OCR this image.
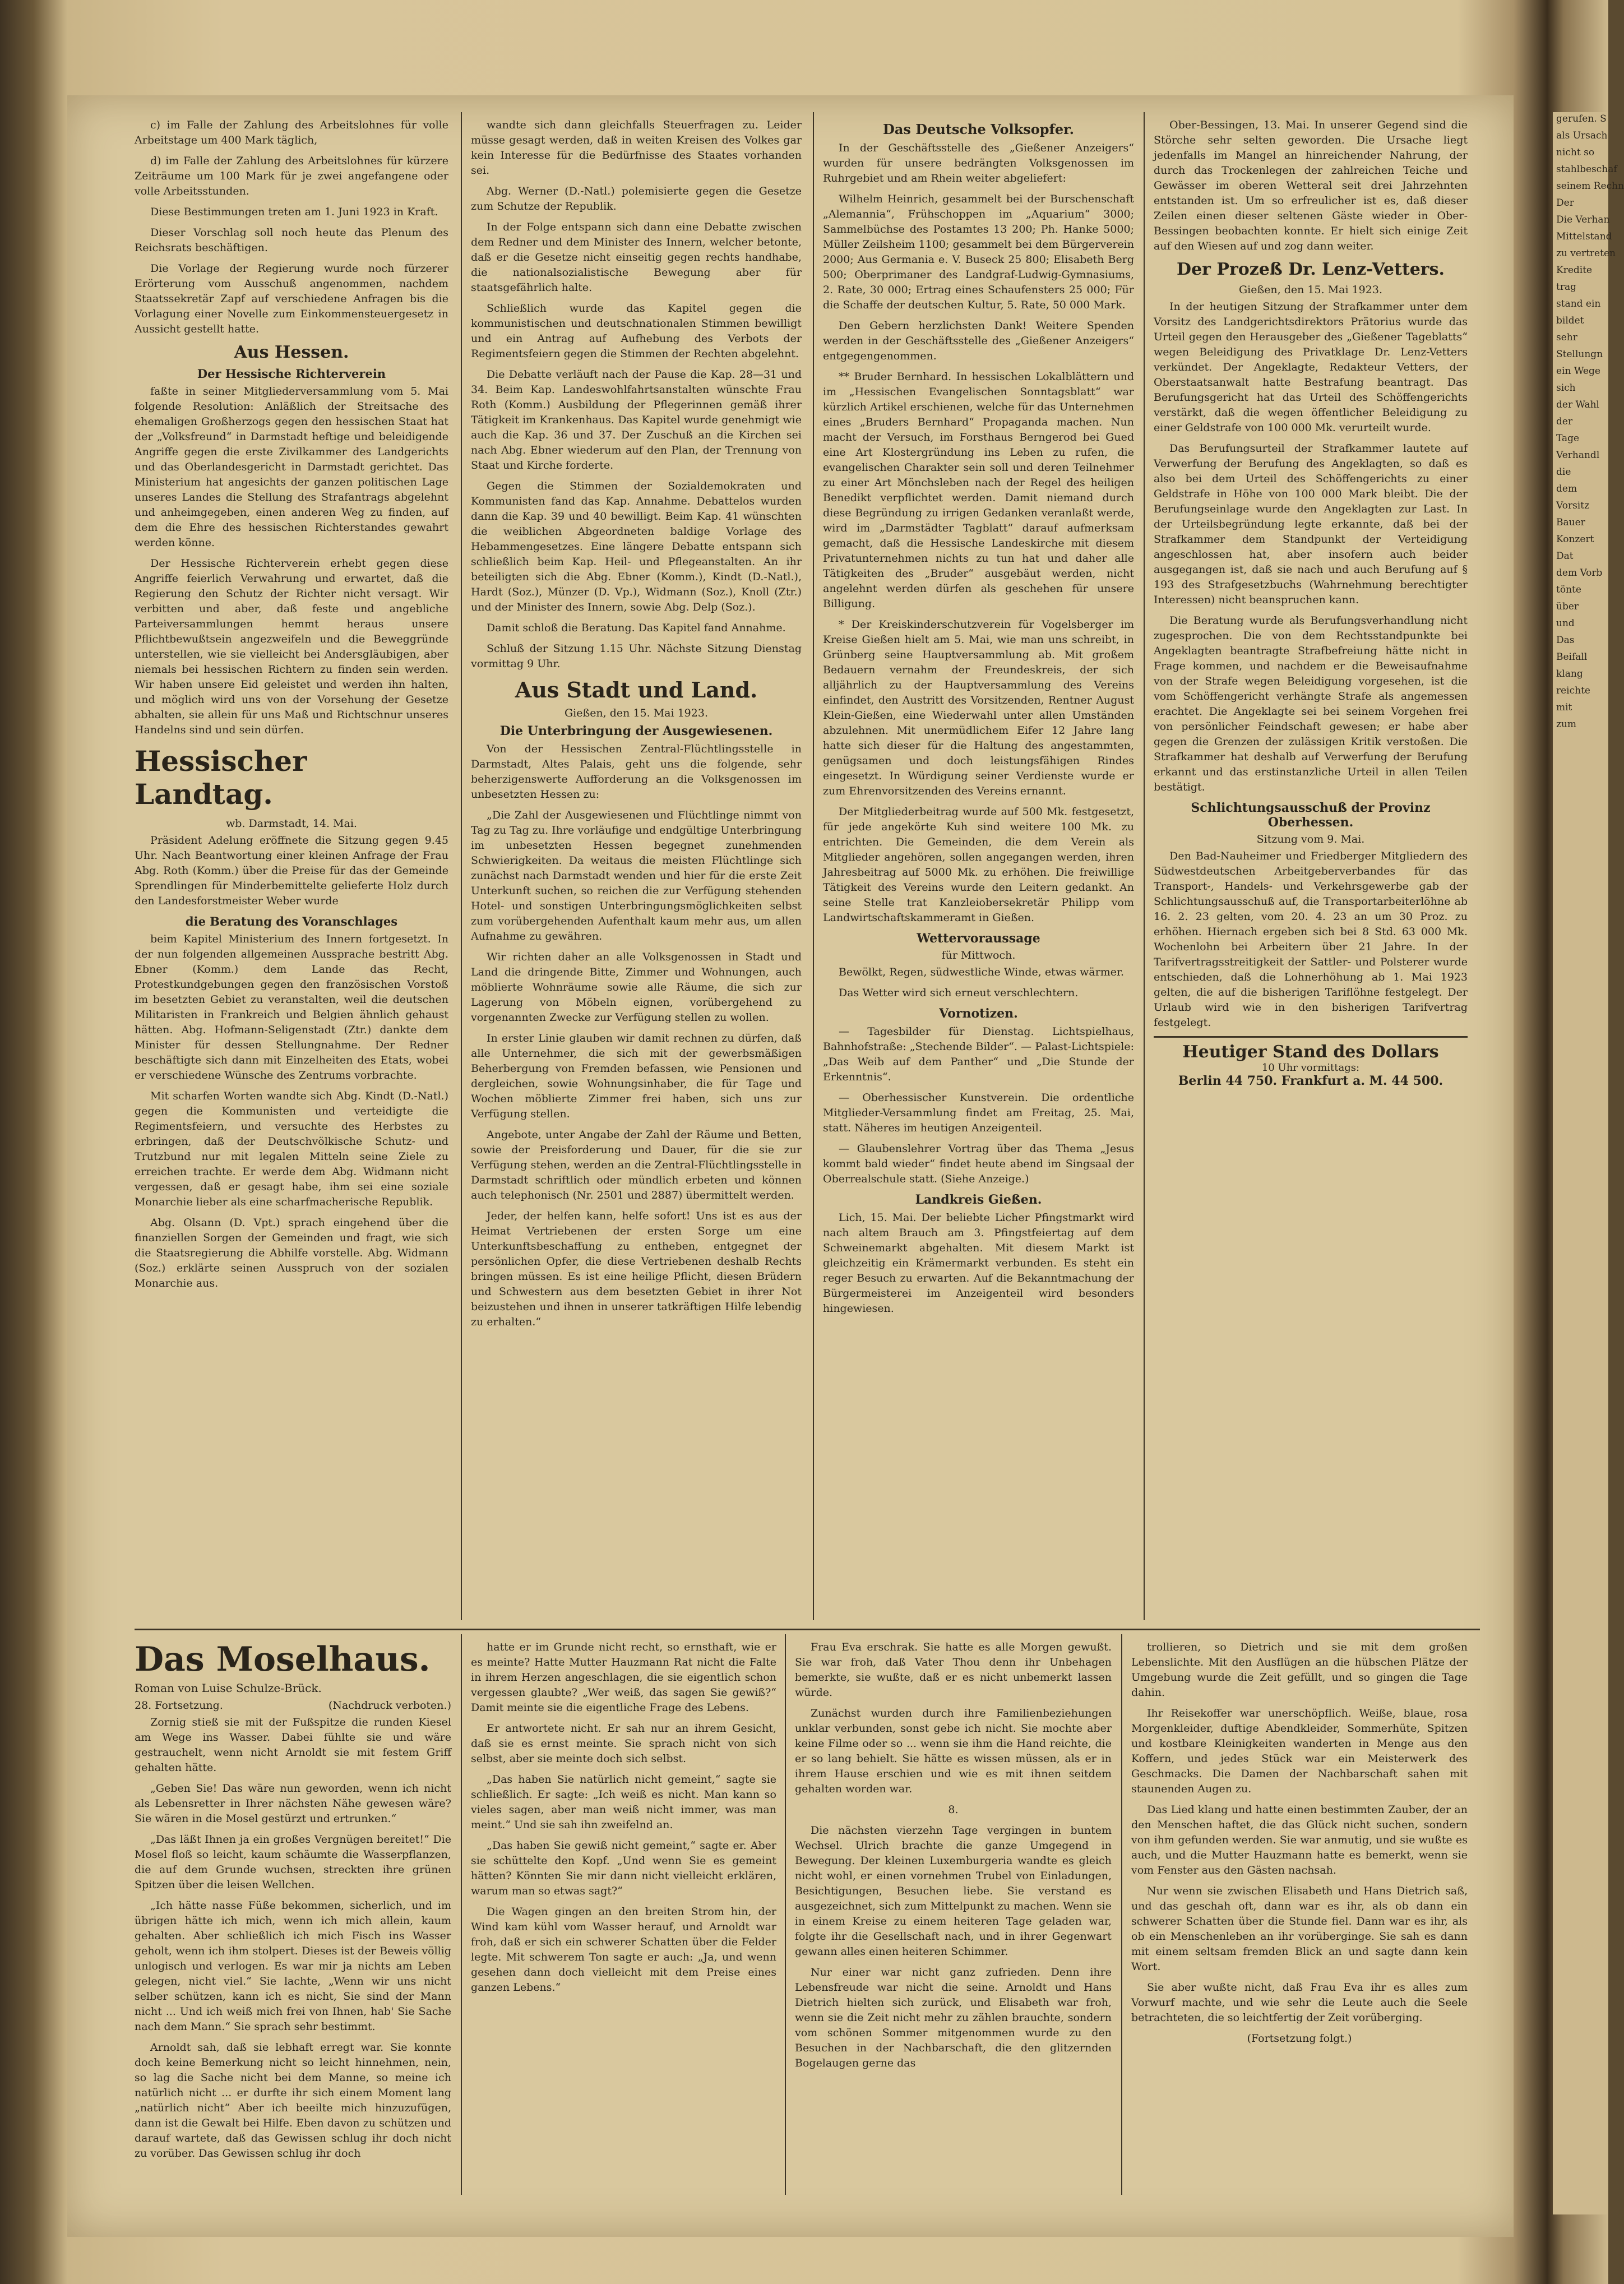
c) im Falle der Zahlung des Arbeitslohnes für volle Arbeitstage um 400 Mark täglich,

d) im Falle der Zahlung des Arbeitslohnes für kürzere Zeiträume um 100 Mark für je zwei angefangene oder volle Arbeitsstunden.

Diese Bestimmungen treten am 1. Juni 1923 in Kraft.

Dieser Vorschlag soll noch heute das Plenum des Reichsrats beschäftigen.

Die Vorlage der Regierung wurde noch fürzerer Erörterung vom Ausschuß angenommen, nachdem Staatssekretär Zapf auf verschiedene Anfragen bis die Vorlagung einer Novelle zum Einkommensteuergesetz in Aussicht gestellt hatte.

Aus Hessen.
Der Hessische Richterverein

faßte in seiner Mitgliederversammlung vom 5. Mai folgende Resolution: Anläßlich der Streitsache des ehemaligen Großherzogs gegen den hessischen Staat hat der „Volksfreund“ in Darmstadt heftige und beleidigende Angriffe gegen die erste Zivilkammer des Landgerichts und das Oberlandesgericht in Darmstadt gerichtet. Das Ministerium hat angesichts der ganzen politischen Lage unseres Landes die Stellung des Strafantrags abgelehnt und anheimgegeben, einen anderen Weg zu finden, auf dem die Ehre des hessischen Richterstandes gewahrt werden könne.

Der Hessische Richterverein erhebt gegen diese Angriffe feierlich Verwahrung und erwartet, daß die Regierung den Schutz der Richter nicht versagt. Wir verbitten und aber, daß feste und angebliche Parteiversammlungen hemmt heraus unsere Pflichtbewußtsein angezweifeln und die Beweggründe unterstellen, wie sie vielleicht bei Andersgläubigen, aber niemals bei hessischen Richtern zu finden sein werden. Wir haben unsere Eid geleistet und werden ihn halten, und möglich wird uns von der Vorsehung der Gesetze abhalten, sie allein für uns Maß und Richtschnur unseres Handelns sind und sein dürfen.

Hessischer Landtag.
wb. Darmstadt, 14. Mai.

Präsident Adelung eröffnete die Sitzung gegen 9.45 Uhr. Nach Beantwortung einer kleinen Anfrage der Frau Abg. Roth (Komm.) über die Preise für das der Gemeinde Sprendlingen für Minderbemittelte gelieferte Holz durch den Landesforstmeister Weber wurde

die Beratung des Voranschlages

beim Kapitel Ministerium des Innern fortgesetzt. In der nun folgenden allgemeinen Aussprache bestritt Abg. Ebner (Komm.) dem Lande das Recht, Protestkundgebungen gegen den französischen Vorstoß im besetzten Gebiet zu veranstalten, weil die deutschen Militaristen in Frankreich und Belgien ähnlich gehaust hätten. Abg. Hofmann-Seligenstadt (Ztr.) dankte dem Minister für dessen Stellungnahme. Der Redner beschäftigte sich dann mit Einzelheiten des Etats, wobei er verschiedene Wünsche des Zentrums vorbrachte.

Mit scharfen Worten wandte sich Abg. Kindt (D.-Natl.) gegen die Kommunisten und verteidigte die Regimentsfeiern, und versuchte des Herbstes zu erbringen, daß der Deutschvölkische Schutz- und Trutzbund nur mit legalen Mitteln seine Ziele zu erreichen trachte. Er werde dem Abg. Widmann nicht vergessen, daß er gesagt habe, ihm sei eine soziale Monarchie lieber als eine scharfmacherische Republik.

Abg. Olsann (D. Vpt.) sprach eingehend über die finanziellen Sorgen der Gemeinden und fragt, wie sich die Staatsregierung die Abhilfe vorstelle. Abg. Widmann (Soz.) erklärte seinen Ausspruch von der sozialen Monarchie aus.

wandte sich dann gleichfalls Steuerfragen zu. Leider müsse gesagt werden, daß in weiten Kreisen des Volkes gar kein Interesse für die Bedürfnisse des Staates vorhanden sei.

Abg. Werner (D.-Natl.) polemisierte gegen die Gesetze zum Schutze der Republik.

In der Folge entspann sich dann eine Debatte zwischen dem Redner und dem Minister des Innern, welcher betonte, daß er die Gesetze nicht einseitig gegen rechts handhabe, die nationalsozialistische Bewegung aber für staatsgefährlich halte.

Schließlich wurde das Kapitel gegen die kommunistischen und deutschnationalen Stimmen bewilligt und ein Antrag auf Aufhebung des Verbots der Regimentsfeiern gegen die Stimmen der Rechten abgelehnt.

Die Debatte verläuft nach der Pause die Kap. 28—31 und 34. Beim Kap. Landeswohlfahrtsanstalten wünschte Frau Roth (Komm.) Ausbildung der Pflegerinnen gemäß ihrer Tätigkeit im Krankenhaus. Das Kapitel wurde genehmigt wie auch die Kap. 36 und 37. Der Zuschuß an die Kirchen sei nach Abg. Ebner wiederum auf den Plan, der Trennung von Staat und Kirche forderte.

Gegen die Stimmen der Sozialdemokraten und Kommunisten fand das Kap. Annahme. Debattelos wurden dann die Kap. 39 und 40 bewilligt. Beim Kap. 41 wünschten die weiblichen Abgeordneten baldige Vorlage des Hebammengesetzes. Eine längere Debatte entspann sich schließlich beim Kap. Heil- und Pflegeanstalten. An ihr beteiligten sich die Abg. Ebner (Komm.), Kindt (D.-Natl.), Hardt (Soz.), Münzer (D. Vp.), Widmann (Soz.), Knoll (Ztr.) und der Minister des Innern, sowie Abg. Delp (Soz.).

Damit schloß die Beratung. Das Kapitel fand Annahme.

Schluß der Sitzung 1.15 Uhr. Nächste Sitzung Dienstag vormittag 9 Uhr.

Aus Stadt und Land.
Gießen, den 15. Mai 1923.
Die Unterbringung der Ausgewiesenen.

Von der Hessischen Zentral-Flüchtlingsstelle in Darmstadt, Altes Palais, geht uns die folgende, sehr beherzigenswerte Aufforderung an die Volksgenossen im unbesetzten Hessen zu:

„Die Zahl der Ausgewiesenen und Flüchtlinge nimmt von Tag zu Tag zu. Ihre vorläufige und endgültige Unterbringung im unbesetzten Hessen begegnet zunehmenden Schwierigkeiten. Da weitaus die meisten Flüchtlinge sich zunächst nach Darmstadt wenden und hier für die erste Zeit Unterkunft suchen, so reichen die zur Verfügung stehenden Hotel- und sonstigen Unterbringungsmöglichkeiten selbst zum vorübergehenden Aufenthalt kaum mehr aus, um allen Aufnahme zu gewähren.

Wir richten daher an alle Volksgenossen in Stadt und Land die dringende Bitte, Zimmer und Wohnungen, auch möblierte Wohnräume sowie alle Räume, die sich zur Lagerung von Möbeln eignen, vorübergehend zu vorgenannten Zwecke zur Verfügung stellen zu wollen.

In erster Linie glauben wir damit rechnen zu dürfen, daß alle Unternehmer, die sich mit der gewerbsmäßigen Beherbergung von Fremden befassen, wie Pensionen und dergleichen, sowie Wohnungsinhaber, die für Tage und Wochen möblierte Zimmer frei haben, sich uns zur Verfügung stellen.

Angebote, unter Angabe der Zahl der Räume und Betten, sowie der Preisforderung und Dauer, für die sie zur Verfügung stehen, werden an die Zentral-Flüchtlingsstelle in Darmstadt schriftlich oder mündlich erbeten und können auch telephonisch (Nr. 2501 und 2887) übermittelt werden.

Jeder, der helfen kann, helfe sofort! Uns ist es aus der Heimat Vertriebenen der ersten Sorge um eine Unterkunftsbeschaffung zu entheben, entgegnet der persönlichen Opfer, die diese Vertriebenen deshalb Rechts bringen müssen. Es ist eine heilige Pflicht, diesen Brüdern und Schwestern aus dem besetzten Gebiet in ihrer Not beizustehen und ihnen in unserer tatkräftigen Hilfe lebendig zu erhalten.“

Das Deutsche Volksopfer.

In der Geschäftsstelle des „Gießener Anzeigers“ wurden für unsere bedrängten Volksgenossen im Ruhrgebiet und am Rhein weiter abgeliefert:

Wilhelm Heinrich, gesammelt bei der Burschenschaft „Alemannia“, Frühschoppen im „Aquarium“ 3000; Sammelbüchse des Postamtes 13 200; Ph. Hanke 5000; Müller Zeilsheim 1100; gesammelt bei dem Bürgerverein 2000; Aus Germania e. V. Buseck 25 800; Elisabeth Berg 500; Oberprimaner des Landgraf-Ludwig-Gymnasiums, 2. Rate, 30 000; Ertrag eines Schaufensters 25 000; Für die Schaffe der deutschen Kultur, 5. Rate, 50 000 Mark.

Den Gebern herzlichsten Dank! Weitere Spenden werden in der Geschäftsstelle des „Gießener Anzeigers“ entgegengenommen.

** Bruder Bernhard. In hessischen Lokalblättern und im „Hessischen Evangelischen Sonntagsblatt“ war kürzlich Artikel erschienen, welche für das Unternehmen eines „Bruders Bernhard“ Propaganda machen. Nun macht der Versuch, im Forsthaus Berngerod bei Gued eine Art Klostergründung ins Leben zu rufen, die evangelischen Charakter sein soll und deren Teilnehmer zu einer Art Mönchsleben nach der Regel des heiligen Benedikt verpflichtet werden. Damit niemand durch diese Begründung zu irrigen Gedanken veranlaßt werde, wird im „Darmstädter Tagblatt“ darauf aufmerksam gemacht, daß die Hessische Landeskirche mit diesem Privatunternehmen nichts zu tun hat und daher alle Tätigkeiten des „Bruder“ ausgebäut werden, nicht angelehnt werden dürfen als geschehen für unsere Billigung.

* Der Kreiskinderschutzverein für Vogelsberger im Kreise Gießen hielt am 5. Mai, wie man uns schreibt, in Grünberg seine Hauptversammlung ab. Mit großem Bedauern vernahm der Freundeskreis, der sich alljährlich zu der Hauptversammlung des Vereins einfindet, den Austritt des Vorsitzenden, Rentner August Klein-Gießen, eine Wiederwahl unter allen Umständen abzulehnen. Mit unermüdlichem Eifer 12 Jahre lang hatte sich dieser für die Haltung des angestammten, genügsamen und doch leistungsfähigen Rindes eingesetzt. In Würdigung seiner Verdienste wurde er zum Ehrenvorsitzenden des Vereins ernannt.

Der Mitgliederbeitrag wurde auf 500 Mk. festgesetzt, für jede angekörte Kuh sind weitere 100 Mk. zu entrichten. Die Gemeinden, die dem Verein als Mitglieder angehören, sollen angegangen werden, ihren Jahresbeitrag auf 5000 Mk. zu erhöhen. Die freiwillige Tätigkeit des Vereins wurde den Leitern gedankt. An seine Stelle trat Kanzleiobersekretär Philipp vom Landwirtschaftskammeramt in Gießen.

Wettervoraussage
für Mittwoch.

Bewölkt, Regen, südwestliche Winde, etwas wärmer.

Das Wetter wird sich erneut verschlechtern.

Vornotizen.

— Tagesbilder für Dienstag. Lichtspielhaus, Bahnhofstraße: „Stechende Bilder“. — Palast-Lichtspiele: „Das Weib auf dem Panther“ und „Die Stunde der Erkenntnis“.

— Oberhessischer Kunstverein. Die ordentliche Mitglieder-Versammlung findet am Freitag, 25. Mai, statt. Näheres im heutigen Anzeigenteil.

— Glaubenslehrer Vortrag über das Thema „Jesus kommt bald wieder“ findet heute abend im Singsaal der Oberrealschule statt. (Siehe Anzeige.)

Landkreis Gießen.

Lich, 15. Mai. Der beliebte Licher Pfingstmarkt wird nach altem Brauch am 3. Pfingstfeiertag auf dem Schweinemarkt abgehalten. Mit diesem Markt ist gleichzeitig ein Krämermarkt verbunden. Es steht ein reger Besuch zu erwarten. Auf die Bekanntmachung der Bürgermeisterei im Anzeigenteil wird besonders hingewiesen.

Ober-Bessingen, 13. Mai. In unserer Gegend sind die Störche sehr selten geworden. Die Ursache liegt jedenfalls im Mangel an hinreichender Nahrung, der durch das Trockenlegen der zahlreichen Teiche und Gewässer im oberen Wetteral seit drei Jahrzehnten entstanden ist. Um so erfreulicher ist es, daß dieser Zeilen einen dieser seltenen Gäste wieder in Ober-Bessingen beobachten konnte. Er hielt sich einige Zeit auf den Wiesen auf und zog dann weiter.

Der Prozeß Dr. Lenz-Vetters.
Gießen, den 15. Mai 1923.

In der heutigen Sitzung der Strafkammer unter dem Vorsitz des Landgerichtsdirektors Prätorius wurde das Urteil gegen den Herausgeber des „Gießener Tageblatts“ wegen Beleidigung des Privatklage Dr. Lenz-Vetters verkündet. Der Angeklagte, Redakteur Vetters, der Oberstaatsanwalt hatte Bestrafung beantragt. Das Berufungsgericht hat das Urteil des Schöffengerichts verstärkt, daß die wegen öffentlicher Beleidigung zu einer Geldstrafe von 100 000 Mk. verurteilt wurde.

Das Berufungsurteil der Strafkammer lautete auf Verwerfung der Berufung des Angeklagten, so daß es also bei dem Urteil des Schöffengerichts zu einer Geldstrafe in Höhe von 100 000 Mark bleibt. Die der Berufungseinlage wurde den Angeklagten zur Last. In der Urteilsbegründung legte erkannte, daß bei der Strafkammer dem Standpunkt der Verteidigung angeschlossen hat, aber insofern auch beider ausgegangen ist, daß sie nach und auch Berufung auf § 193 des Strafgesetzbuchs (Wahrnehmung berechtigter Interessen) nicht beanspruchen kann.

Die Beratung wurde als Berufungsverhandlung nicht zugesprochen. Die von dem Rechtsstandpunkte bei Angeklagten beantragte Strafbefreiung hätte nicht in Frage kommen, und nachdem er die Beweisaufnahme von der Strafe wegen Beleidigung vorgesehen, ist die vom Schöffengericht verhängte Strafe als angemessen erachtet. Die Angeklagte sei bei seinem Vorgehen frei von persönlicher Feindschaft gewesen; er habe aber gegen die Grenzen der zulässigen Kritik verstoßen. Die Strafkammer hat deshalb auf Verwerfung der Berufung erkannt und das erstinstanzliche Urteil in allen Teilen bestätigt.

Schlichtungsausschuß der Provinz Oberhessen.
Sitzung vom 9. Mai.

Den Bad-Nauheimer und Friedberger Mitgliedern des Südwestdeutschen Arbeitgeberverbandes für das Transport-, Handels- und Verkehrsgewerbe gab der Schlichtungsausschuß auf, die Transportarbeiterlöhne ab 16. 2. 23 gelten, vom 20. 4. 23 an um 30 Proz. zu erhöhen. Hiernach ergeben sich bei 8 Std. 63 000 Mk. Wochenlohn bei Arbeitern über 21 Jahre. In der Tarifvertragsstreitigkeit der Sattler- und Polsterer wurde entschieden, daß die Lohnerhöhung ab 1. Mai 1923 gelten, die auf die bisherigen Tariflöhne festgelegt. Der Urlaub wird wie in den bisherigen Tarifvertrag festgelegt.

Heutiger Stand des Dollars
10 Uhr vormittags:
Berlin 44 750. Frankfurt a. M. 44 500.
Das Moselhaus.
Roman von Luise Schulze-Brück.
28. Fortsetzung.	(Nachdruck verboten.)

Zornig stieß sie mit der Fußspitze die runden Kiesel am Wege ins Wasser. Dabei fühlte sie und wäre gestrauchelt, wenn nicht Arnoldt sie mit festem Griff gehalten hätte.

„Geben Sie! Das wäre nun geworden, wenn ich nicht als Lebensretter in Ihrer nächsten Nähe gewesen wäre? Sie wären in die Mosel gestürzt und ertrunken.“

„Das läßt Ihnen ja ein großes Vergnügen bereitet!“ Die Mosel floß so leicht, kaum schäumte die Wasserpflanzen, die auf dem Grunde wuchsen, streckten ihre grünen Spitzen über die leisen Wellchen.

„Ich hätte nasse Füße bekommen, sicherlich, und im übrigen hätte ich mich, wenn ich mich allein, kaum gehalten. Aber schließlich ich mich Fisch ins Wasser geholt, wenn ich ihm stolpert. Dieses ist der Beweis völlig unlogisch und verlogen. Es war mir ja nichts am Leben gelegen, nicht viel.“ Sie lachte, „Wenn wir uns nicht selber schützen, kann ich es nicht, Sie sind der Mann nicht ... Und ich weiß mich frei von Ihnen, hab' Sie Sache nach dem Mann.“ Sie sprach sehr bestimmt.

Arnoldt sah, daß sie lebhaft erregt war. Sie konnte doch keine Bemerkung nicht so leicht hinnehmen, nein, so lag die Sache nicht bei dem Manne, so meine ich natürlich nicht ... er durfte ihr sich einem Moment lang „natürlich nicht“ Aber ich beeilte mich hinzuzufügen, dann ist die Gewalt bei Hilfe. Eben davon zu schützen und darauf wartete, daß das Gewissen schlug ihr doch nicht zu vorüber. Das Gewissen schlug ihr doch

hatte er im Grunde nicht recht, so ernsthaft, wie er es meinte? Hatte Mutter Hauzmann Rat nicht die Falte in ihrem Herzen angeschlagen, die sie eigentlich schon vergessen glaubte? „Wer weiß, das sagen Sie gewiß?“ Damit meinte sie die eigentliche Frage des Lebens.

Er antwortete nicht. Er sah nur an ihrem Gesicht, daß sie es ernst meinte. Sie sprach nicht von sich selbst, aber sie meinte doch sich selbst.

„Das haben Sie natürlich nicht gemeint,“ sagte sie schließlich. Er sagte: „Ich weiß es nicht. Man kann so vieles sagen, aber man weiß nicht immer, was man meint.“ Und sie sah ihn zweifelnd an.

„Das haben Sie gewiß nicht gemeint,“ sagte er. Aber sie schüttelte den Kopf. „Und wenn Sie es gemeint hätten? Könnten Sie mir dann nicht vielleicht erklären, warum man so etwas sagt?“

Die Wagen gingen an den breiten Strom hin, der Wind kam kühl vom Wasser herauf, und Arnoldt war froh, daß er sich ein schwerer Schatten über die Felder legte. Mit schwerem Ton sagte er auch: „Ja, und wenn gesehen dann doch vielleicht mit dem Preise eines ganzen Lebens.“

Frau Eva erschrak. Sie hatte es alle Morgen gewußt. Sie war froh, daß Vater Thou denn ihr Unbehagen bemerkte, sie wußte, daß er es nicht unbemerkt lassen würde.

Zunächst wurden durch ihre Familienbeziehungen unklar verbunden, sonst gebe ich nicht. Sie mochte aber keine Filme oder so ... wenn sie ihm die Hand reichte, die er so lang behielt. Sie hätte es wissen müssen, als er in ihrem Hause erschien und wie es mit ihnen seitdem gehalten worden war.

8.

Die nächsten vierzehn Tage vergingen in buntem Wechsel. Ulrich brachte die ganze Umgegend in Bewegung. Der kleinen Luxemburgeria wandte es gleich nicht wohl, er einen vornehmen Trubel von Einladungen, Besichtigungen, Besuchen liebe. Sie verstand es ausgezeichnet, sich zum Mittelpunkt zu machen. Wenn sie in einem Kreise zu einem heiteren Tage geladen war, folgte ihr die Gesellschaft nach, und in ihrer Gegenwart gewann alles einen heiteren Schimmer.

Nur einer war nicht ganz zufrieden. Denn ihre Lebensfreude war nicht die seine. Arnoldt und Hans Dietrich hielten sich zurück, und Elisabeth war froh, wenn sie die Zeit nicht mehr zu zählen brauchte, sondern vom schönen Sommer mitgenommen wurde zu den Besuchen in der Nachbarschaft, die den glitzernden Bogelaugen gerne das

trollieren, so Dietrich und sie mit dem großen Lebenslichte. Mit den Ausflügen an die hübschen Plätze der Umgebung wurde die Zeit gefüllt, und so gingen die Tage dahin.

Ihr Reisekoffer war unerschöpflich. Weiße, blaue, rosa Morgenkleider, duftige Abendkleider, Sommerhüte, Spitzen und kostbare Kleinigkeiten wanderten in Menge aus den Koffern, und jedes Stück war ein Meisterwerk des Geschmacks. Die Damen der Nachbarschaft sahen mit staunenden Augen zu.

Das Lied klang und hatte einen bestimmten Zauber, der an den Menschen haftet, die das Glück nicht suchen, sondern von ihm gefunden werden. Sie war anmutig, und sie wußte es auch, und die Mutter Hauzmann hatte es bemerkt, wenn sie vom Fenster aus den Gästen nachsah.

Nur wenn sie zwischen Elisabeth und Hans Dietrich saß, und das geschah oft, dann war es ihr, als ob dann ein schwerer Schatten über die Stunde fiel. Dann war es ihr, als ob ein Menschenleben an ihr vorüberginge. Sie sah es dann mit einem seltsam fremden Blick an und sagte dann kein Wort.

Sie aber wußte nicht, daß Frau Eva ihr es alles zum Vorwurf machte, und wie sehr die Leute auch die Seele betrachteten, die so leichtfertig der Zeit vorüberging.

(Fortsetzung folgt.)

gerufen. S

als Ursach

nicht so

stahlbeschaf

seinem Rechn

Der

Die Verhan

Mittelstand

zu vertreten

Kredite

trag

stand ein

bildet

sehr

Stellungn

ein Wege

sich

der Wahl

der

Tage

Verhandl

die

dem

Vorsitz

Bauer

Konzert

Dat

dem Vorb

tönte

über

und

Das

Beifall

klang

reichte

mit

zum
